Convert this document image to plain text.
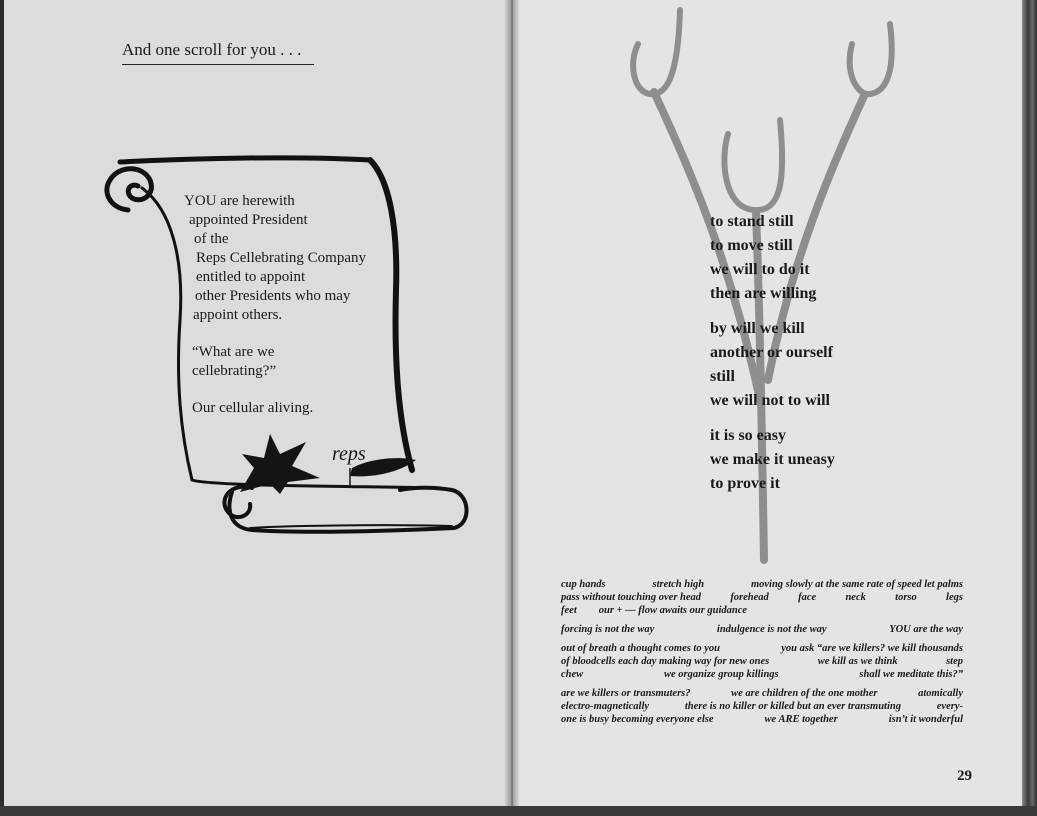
And one scroll for you . . .
YOU are herewith
appointed President
of the
Reps Cellebrating Company
entitled to appoint
other Presidents who may
appoint others.
“What are we
cellebrating?”
Our cellular aliving.
reps
to stand still
to move still
we will to do it
then are willing
by will we kill
another or ourself
still
we will not to will
it is so easy
we make it uneasy
to prove it
cup hands	stretch high	moving slowly at the same rate of speed let palms
pass without touching over head	forehead	face	neck	torso	legs
feet our + — flow awaits our guidance
forcing is not the way	indulgence is not the way	YOU are the way
out of breath a thought comes to you	you ask “are we killers? we kill thousands
of bloodcells each day making way for new ones	we kill as we think	step
chew	we organize group killings	shall we meditate this?”
are we killers or transmuters?	we are children of the one mother	atomically
electro-magnetically	there is no killer or killed but an ever transmuting	every-
one is busy becoming everyone else	we ARE together	isn’t it wonderful
29
